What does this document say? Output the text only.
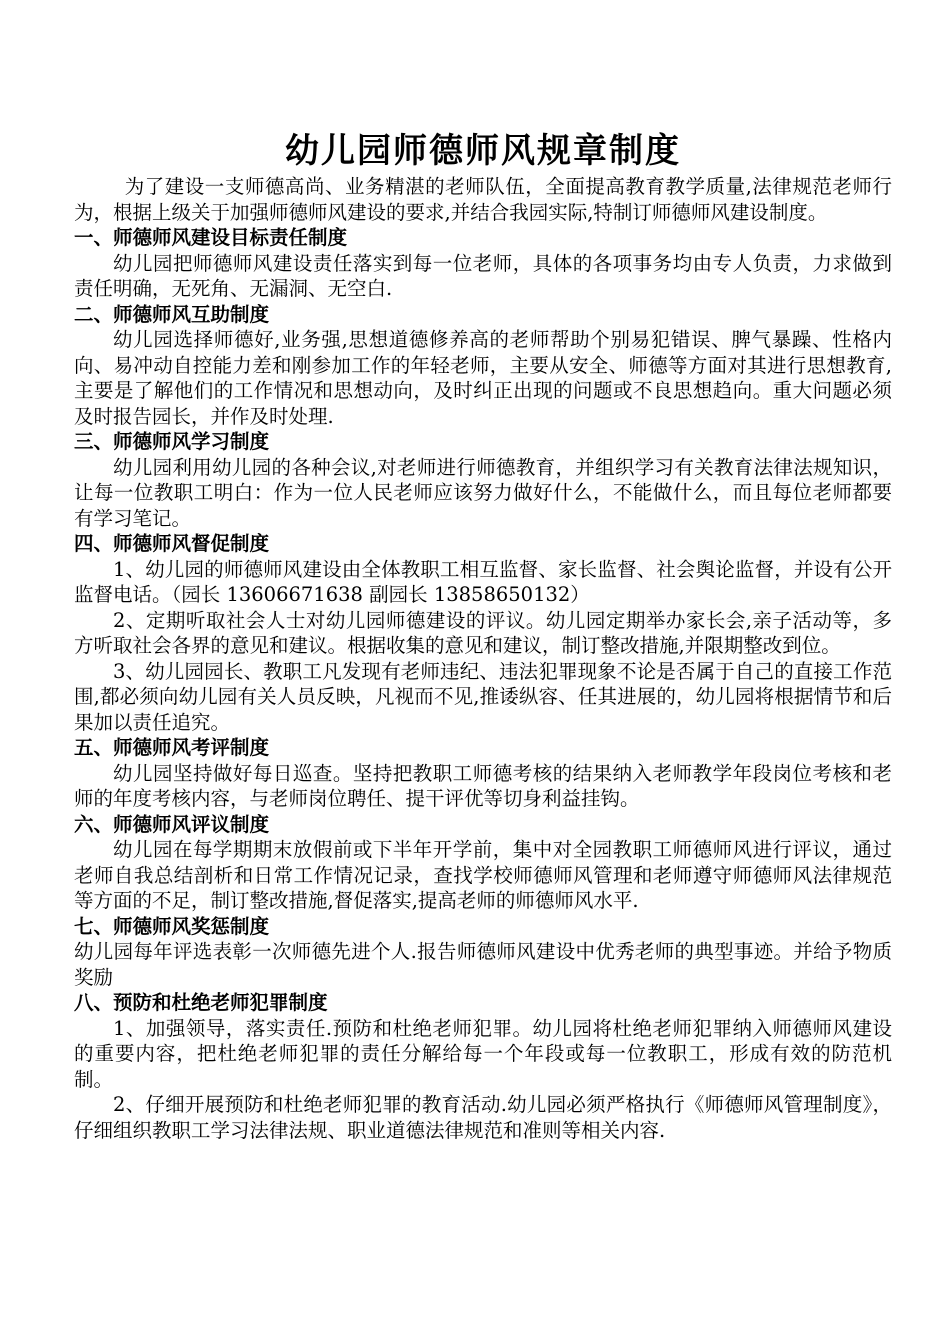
幼儿园师德师风规章制度

为了建设一支师德高尚、业务精湛的老师队伍，全面提高教育教学质量,法律规范老师行为，根据上级关于加强师德师风建设的要求,并结合我园实际,特制订师德师风建设制度。

一、师德师风建设目标责任制度

幼儿园把师德师风建设责任落实到每一位老师，具体的各项事务均由专人负责，力求做到责任明确，无死角、无漏洞、无空白.

二、师德师风互助制度

幼儿园选择师德好,业务强,思想道德修养高的老师帮助个别易犯错误、脾气暴躁、性格内向、易冲动自控能力差和刚参加工作的年轻老师，主要从安全、师德等方面对其进行思想教育,主要是了解他们的工作情况和思想动向，及时纠正出现的问题或不良思想趋向。重大问题必须及时报告园长，并作及时处理.

三、师德师风学习制度

幼儿园利用幼儿园的各种会议,对老师进行师德教育，并组织学习有关教育法律法规知识，让每一位教职工明白：作为一位人民老师应该努力做好什么，不能做什么，而且每位老师都要有学习笔记。

四、师德师风督促制度

1、幼儿园的师德师风建设由全体教职工相互监督、家长监督、社会舆论监督，并设有公开监督电话。（园长 13606671638 副园长 13858650132）

2、定期听取社会人士对幼儿园师德建设的评议。幼儿园定期举办家长会,亲子活动等，多方听取社会各界的意见和建议。根据收集的意见和建议，制订整改措施,并限期整改到位。

3、幼儿园园长、教职工凡发现有老师违纪、违法犯罪现象不论是否属于自己的直接工作范围,都必须向幼儿园有关人员反映，凡视而不见,推诿纵容、任其进展的，幼儿园将根据情节和后果加以责任追究。

五、师德师风考评制度

幼儿园坚持做好每日巡查。坚持把教职工师德考核的结果纳入老师教学年段岗位考核和老师的年度考核内容，与老师岗位聘任、提干评优等切身利益挂钩。

六、师德师风评议制度

幼儿园在每学期期末放假前或下半年开学前，集中对全园教职工师德师风进行评议，通过老师自我总结剖析和日常工作情况记录，查找学校师德师风管理和老师遵守师德师风法律规范等方面的不足，制订整改措施,督促落实,提高老师的师德师风水平.

七、师德师风奖惩制度

幼儿园每年评选表彰一次师德先进个人.报告师德师风建设中优秀老师的典型事迹。并给予物质奖励

八、预防和杜绝老师犯罪制度

1、加强领导，落实责任.预防和杜绝老师犯罪。幼儿园将杜绝老师犯罪纳入师德师风建设的重要内容，把杜绝老师犯罪的责任分解给每一个年段或每一位教职工，形成有效的防范机制。

2、仔细开展预防和杜绝老师犯罪的教育活动.幼儿园必须严格执行《师德师风管理制度》，仔细组织教职工学习法律法规、职业道德法律规范和准则等相关内容.
